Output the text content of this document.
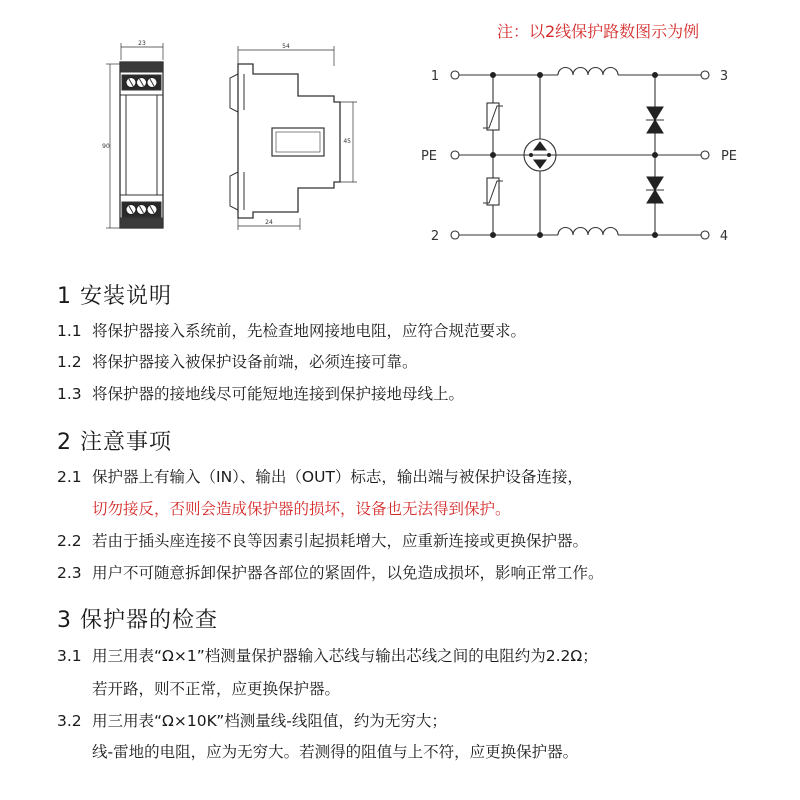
23
90
54
45
24
1
PE
2
3
PE
4
注：以2线保护路数图示为例
1 安装说明
1.1 将保护器接入系统前，先检查地网接地电阻，应符合规范要求。
1.2 将保护器接入被保护设备前端，必须连接可靠。
1.3 将保护器的接地线尽可能短地连接到保护接地母线上。
2 注意事项
2.1 保护器上有输入（IN）、输出（OUT）标志，输出端与被保护设备连接，
切勿接反，否则会造成保护器的损坏，设备也无法得到保护。
2.2 若由于插头座连接不良等因素引起损耗增大，应重新连接或更换保护器。
2.3 用户不可随意拆卸保护器各部位的紧固件，以免造成损坏，影响正常工作。
3 保护器的检查
3.1 用三用表“Ω×1”档测量保护器输入芯线与输出芯线之间的电阻约为2.2Ω；
若开路，则不正常，应更换保护器。
3.2 用三用表“Ω×10K”档测量线-线阻值，约为无穷大；
线-雷地的电阻，应为无穷大。若测得的阻值与上不符，应更换保护器。
